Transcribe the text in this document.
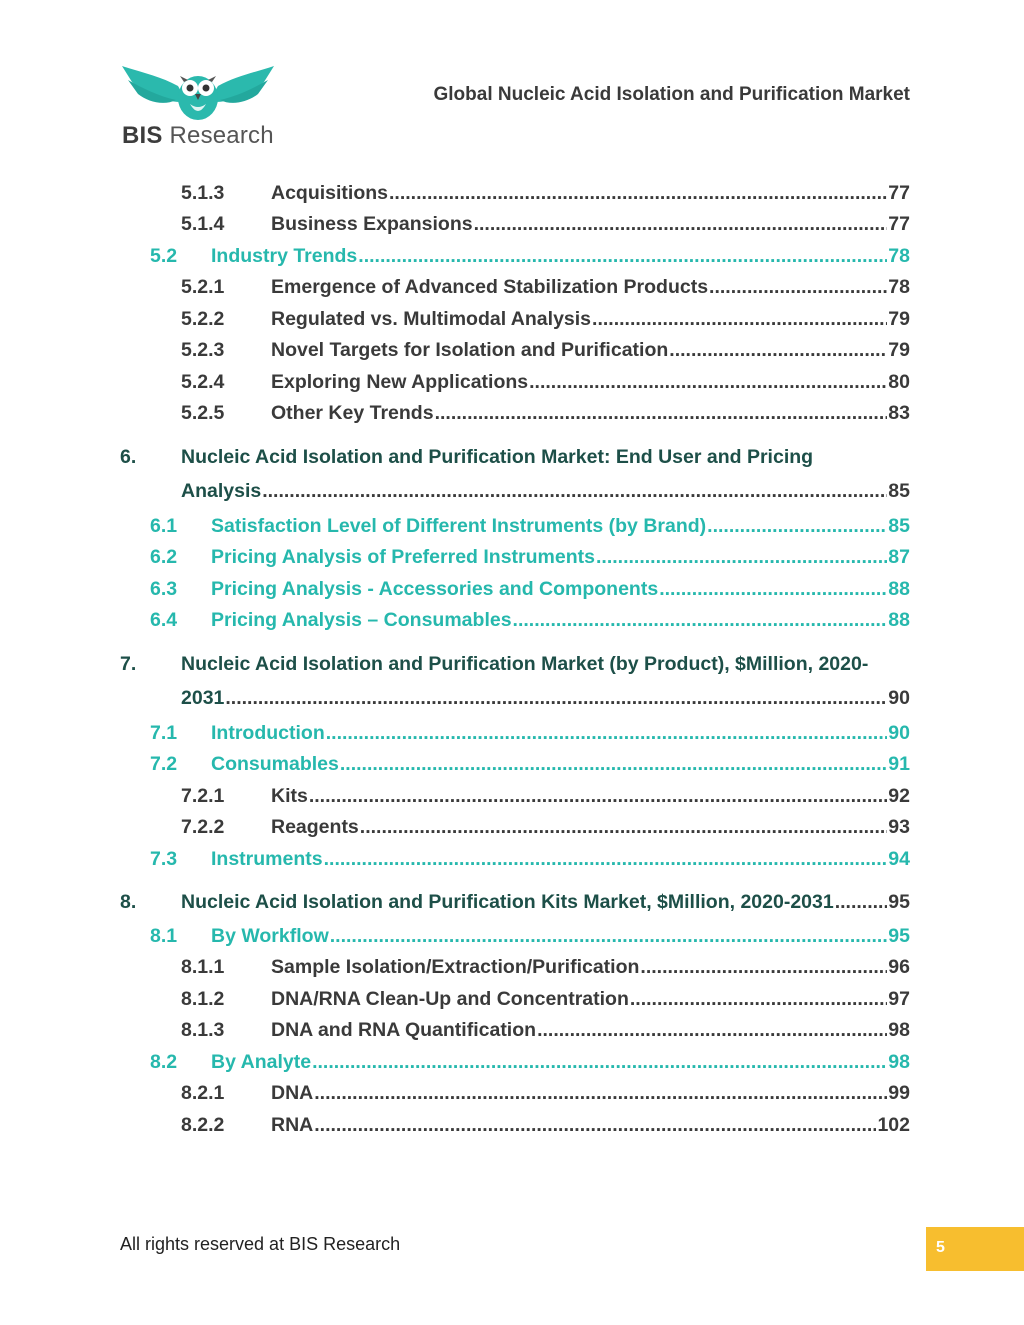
BIS Research
Global Nucleic Acid Isolation and Purification Market
5.1.3	Acquisitions .....	77
5.1.4	Business Expansions .....	77
5.2	Industry Trends .....	78
5.2.1	Emergence of Advanced Stabilization Products .....	78
5.2.2	Regulated vs. Multimodal Analysis .....	79
5.2.3	Novel Targets for Isolation and Purification .....	79
5.2.4	Exploring New Applications .....	80
5.2.5	Other Key Trends .....	83
6.	Nucleic Acid Isolation and Purification Market: End User and Pricing
Analysis .....	85
6.1	Satisfaction Level of Different Instruments (by Brand) .....	85
6.2	Pricing Analysis of Preferred Instruments .....	87
6.3	Pricing Analysis - Accessories and Components .....	88
6.4	Pricing Analysis – Consumables .....	88
7.	Nucleic Acid Isolation and Purification Market (by Product), $Million, 2020-
2031 .....	90
7.1	Introduction .....	90
7.2	Consumables .....	91
7.2.1	Kits .....	92
7.2.2	Reagents .....	93
7.3	Instruments .....	94
8.	Nucleic Acid Isolation and Purification Kits Market, $Million, 2020-2031 .....	95
8.1	By Workflow .....	95
8.1.1	Sample Isolation/Extraction/Purification .....	96
8.1.2	DNA/RNA Clean-Up and Concentration .....	97
8.1.3	DNA and RNA Quantification .....	98
8.2	By Analyte .....	98
8.2.1	DNA .....	99
8.2.2	RNA .....	102
All rights reserved at BIS Research	5
